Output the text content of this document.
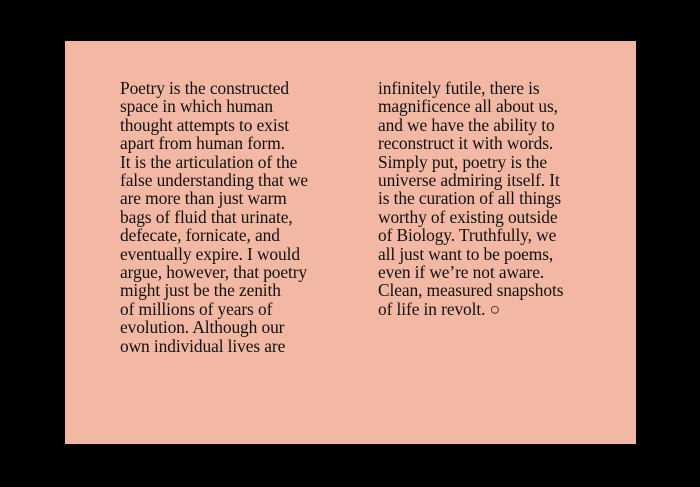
Poetry is the constructed
space in which human
thought attempts to exist
apart from human form.
It is the articulation of the
false understanding that we
are more than just warm
bags of fluid that urinate,
defecate, fornicate, and
eventually expire. I would
argue, however, that poetry
might just be the zenith
of millions of years of
evolution. Although our
own individual lives are
infinitely futile, there is
magnificence all about us,
and we have the ability to
reconstruct it with words.
Simply put, poetry is the
universe admiring itself. It
is the curation of all things
worthy of existing outside
of Biology. Truthfully, we
all just want to be poems,
even if we’re not aware.
Clean, measured snapshots
of life in revolt. ○
